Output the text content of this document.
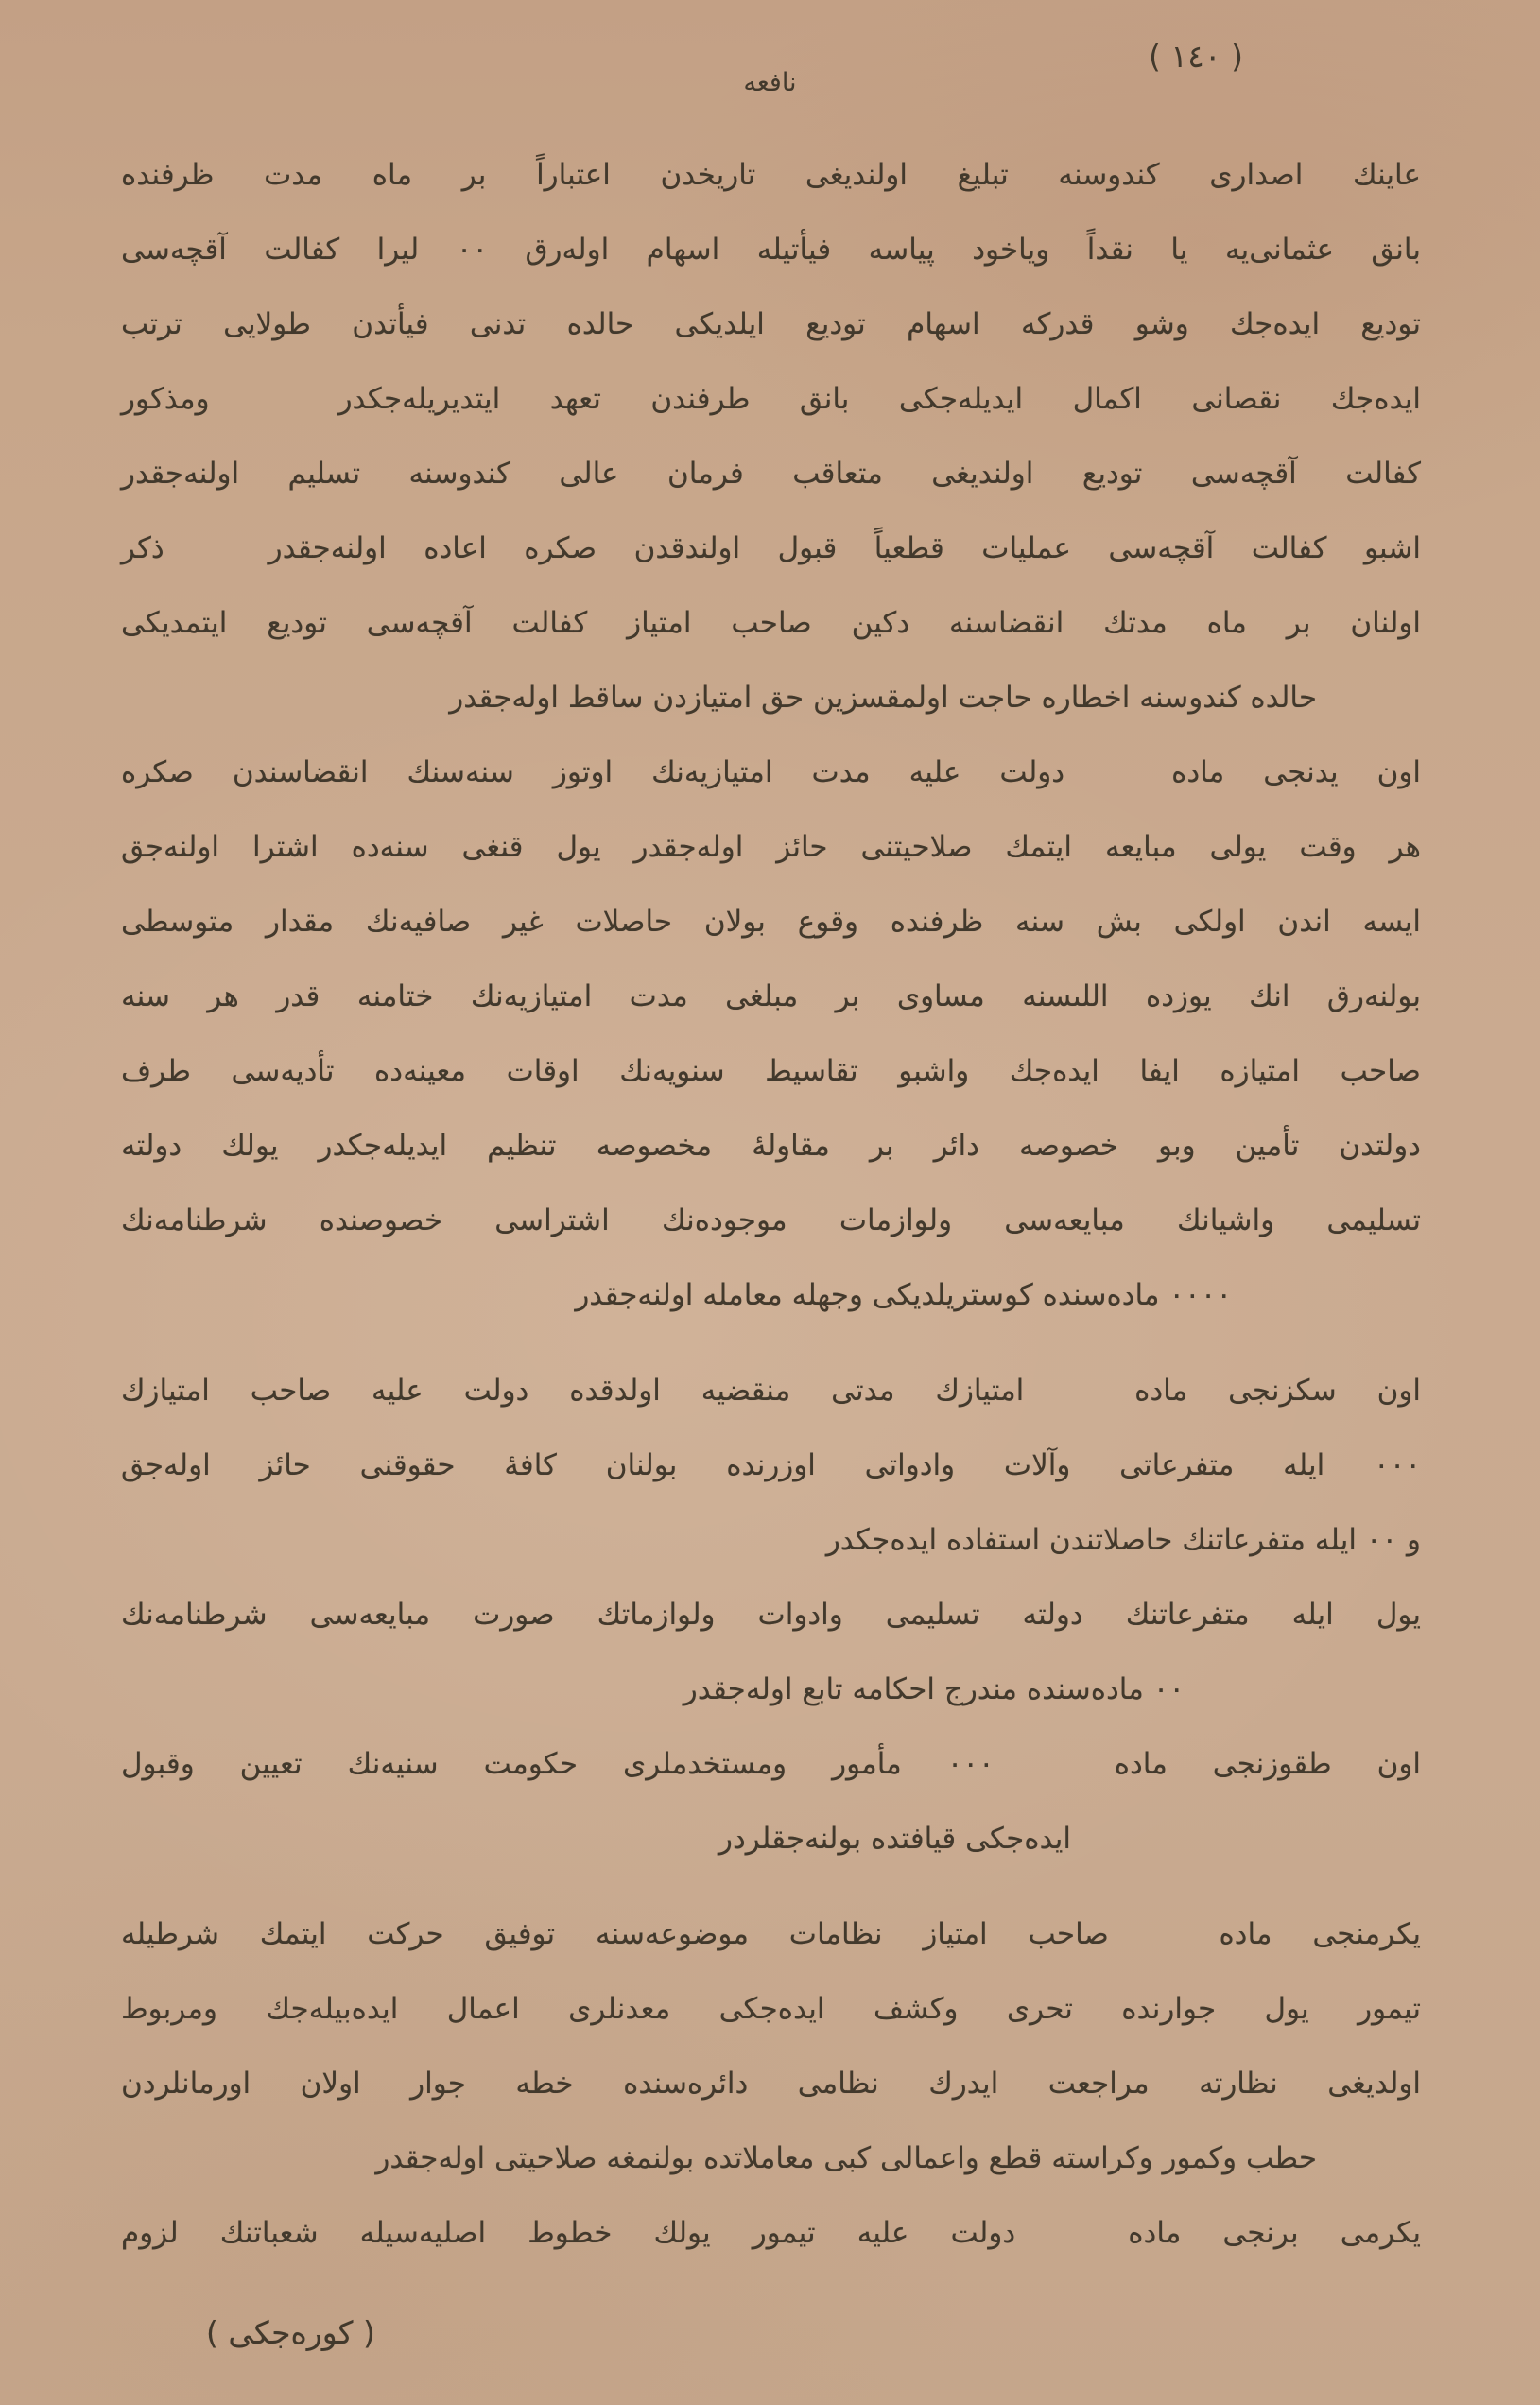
( ١٤٠ )
نافعه
عاينك اصدارى كندوسنه تبليغ اولنديغى تاريخدن اعتباراً بر ماه مدت ظرفنده
بانق عثمانى‌يه يا نقداً وياخود پياسه فيأتيله اسهام اوله‌رق ٠٠ ليرا كفالت آقچه‌سى
توديع ايده‌جك وشو قدركه اسهام توديع ايلديكى حالده تدنى فيأتدن طولايى ترتب
ايده‌جك نقصانى اكمال ايديله‌جكى بانق طرفندن تعهد ايتديريله‌جكدر   ومذكور
كفالت آقچه‌سى توديع اولنديغى متعاقب فرمان عالى كندوسنه تسليم اولنه‌جقدر
اشبو كفالت آقچه‌سى عمليات قطعياً قبول اولندقدن صكره اعاده اولنه‌جقدر   ذكر
اولنان بر ماه مدتك انقضاسنه دكين صاحب امتياز كفالت آقچه‌سى توديع ايتمديكى
حالده كندوسنه اخطاره حاجت اولمقسزين حق امتيازدن ساقط اوله‌جقدر
اون يدنجى ماده   دولت عليه مدت امتيازيه‌نك اوتوز سنه‌سنك انقضاسندن صكره
هر وقت يولى مبايعه ايتمك صلاحيتنى حائز اوله‌جقدر يول قنغى سنه‌ده اشترا اولنه‌جق
ايسه اندن اولكى بش سنه ظرفنده وقوع بولان حاصلات غير صافيه‌نك مقدار متوسطى
بولنه‌رق انك يوزده اللىسنه مساوى بر مبلغى مدت امتيازيه‌نك ختامنه قدر هر سنه
صاحب امتيازه ايفا ايده‌جك واشبو تقاسيط سنويه‌نك اوقات معينه‌ده تأديه‌سى طرف
دولتدن تأمين وبو خصوصه دائر بر مقاولۀ مخصوصه تنظيم ايديله‌جكدر يولك دولته
تسليمى واشيانك مبايعه‌سى ولوازمات موجوده‌نك اشتراسى خصوصنده شرطنامه‌نك
٠٠٠٠ ماده‌سنده كوستريلديكى وجهله معامله اولنه‌جقدر
اون سكزنجى ماده   امتيازك مدتى منقضيه اولدقده دولت عليه صاحب امتيازك
٠٠٠ ايله متفرعاتى وآلات وادواتى اوزرنده بولنان كافۀ حقوقنى حائز اوله‌جق
و ٠٠ ايله متفرعاتنك حاصلاتندن استفاده ايده‌جكدر
يول ايله متفرعاتنك دولته تسليمى وادوات ولوازماتك صورت مبايعه‌سى شرطنامه‌نك
٠٠ ماده‌سنده مندرج احكامه تابع اوله‌جقدر
اون طقوزنجى ماده   ٠٠٠ مأمور ومستخدملرى حكومت سنيه‌نك تعيين وقبول
ايده‌جكى قيافتده بولنه‌جقلردر
يكرمنجى ماده   صاحب امتياز نظامات موضوعه‌سنه توفيق حركت ايتمك شرطيله
تيمور يول جوارنده تحرى وكشف ايده‌جكى معدنلرى اعمال ايده‌بيله‌جك ومربوط
اولديغى نظارته مراجعت ايدرك نظامى دائره‌سنده خطه جوار اولان اورمانلردن
حطب وكمور وكراسته قطع واعمالى كبى معاملاتده بولنمغه صلاحيتى اوله‌جقدر
يكرمى برنجى ماده   دولت عليه تيمور يولك خطوط اصليه‌سيله شعباتنك لزوم
( كوره‌جكى )
